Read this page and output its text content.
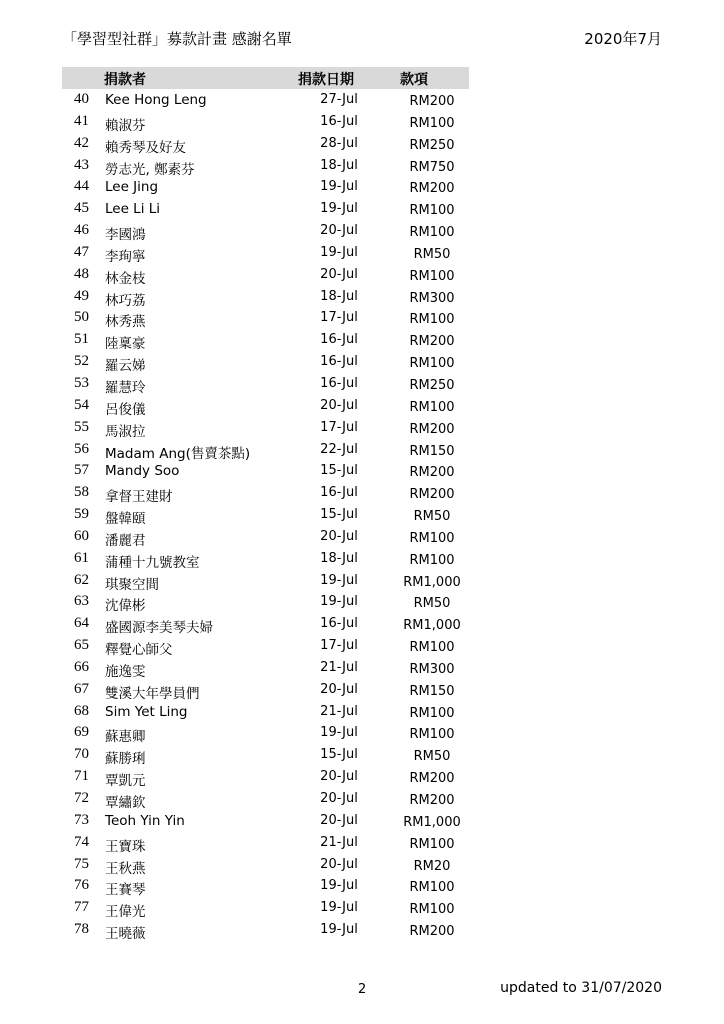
「學習型社群」募款計畫 感謝名單	2020年7月
捐款者	捐款日期	款項
40 Kee Hong Leng	27-Jul	RM200
41 賴淑芬	16-Jul	RM100
42 賴秀琴及好友	28-Jul	RM250
43 勞志光, 鄭素芬	18-Jul	RM750
44 Lee Jing	19-Jul	RM200
45 Lee Li Li	19-Jul	RM100
46 李國鴻	20-Jul	RM100
47 李珣寧	19-Jul	RM50
48 林金枝	20-Jul	RM100
49 林巧荔	18-Jul	RM300
50 林秀燕	17-Jul	RM100
51 陸稟豪	16-Jul	RM200
52 羅云娣	16-Jul	RM100
53 羅慧玲	16-Jul	RM250
54 呂俊儀	20-Jul	RM100
55 馬淑拉	17-Jul	RM200
56 Madam Ang(售賣茶點)	22-Jul	RM150
57 Mandy Soo	15-Jul	RM200
58 拿督王建財	16-Jul	RM200
59 盤韓頤	15-Jul	RM50
60 潘麗君	20-Jul	RM100
61 蒲種十九號教室	18-Jul	RM100
62 琪聚空間	19-Jul	RM1,000
63 沈偉彬	19-Jul	RM50
64 盛國源李美琴夫婦	16-Jul	RM1,000
65 釋覺心師父	17-Jul	RM100
66 施逸雯	21-Jul	RM300
67 雙溪大年學員們	20-Jul	RM150
68 Sim Yet Ling	21-Jul	RM100
69 蘇惠卿	19-Jul	RM100
70 蘇勝琍	15-Jul	RM50
71 覃凱元	20-Jul	RM200
72 覃繡欽	20-Jul	RM200
73 Teoh Yin Yin	20-Jul	RM1,000
74 王寶珠	21-Jul	RM100
75 王秋燕	20-Jul	RM20
76 王賽琴	19-Jul	RM100
77 王偉光	19-Jul	RM100
78 王曉薇	19-Jul	RM200
2	updated to 31/07/2020
